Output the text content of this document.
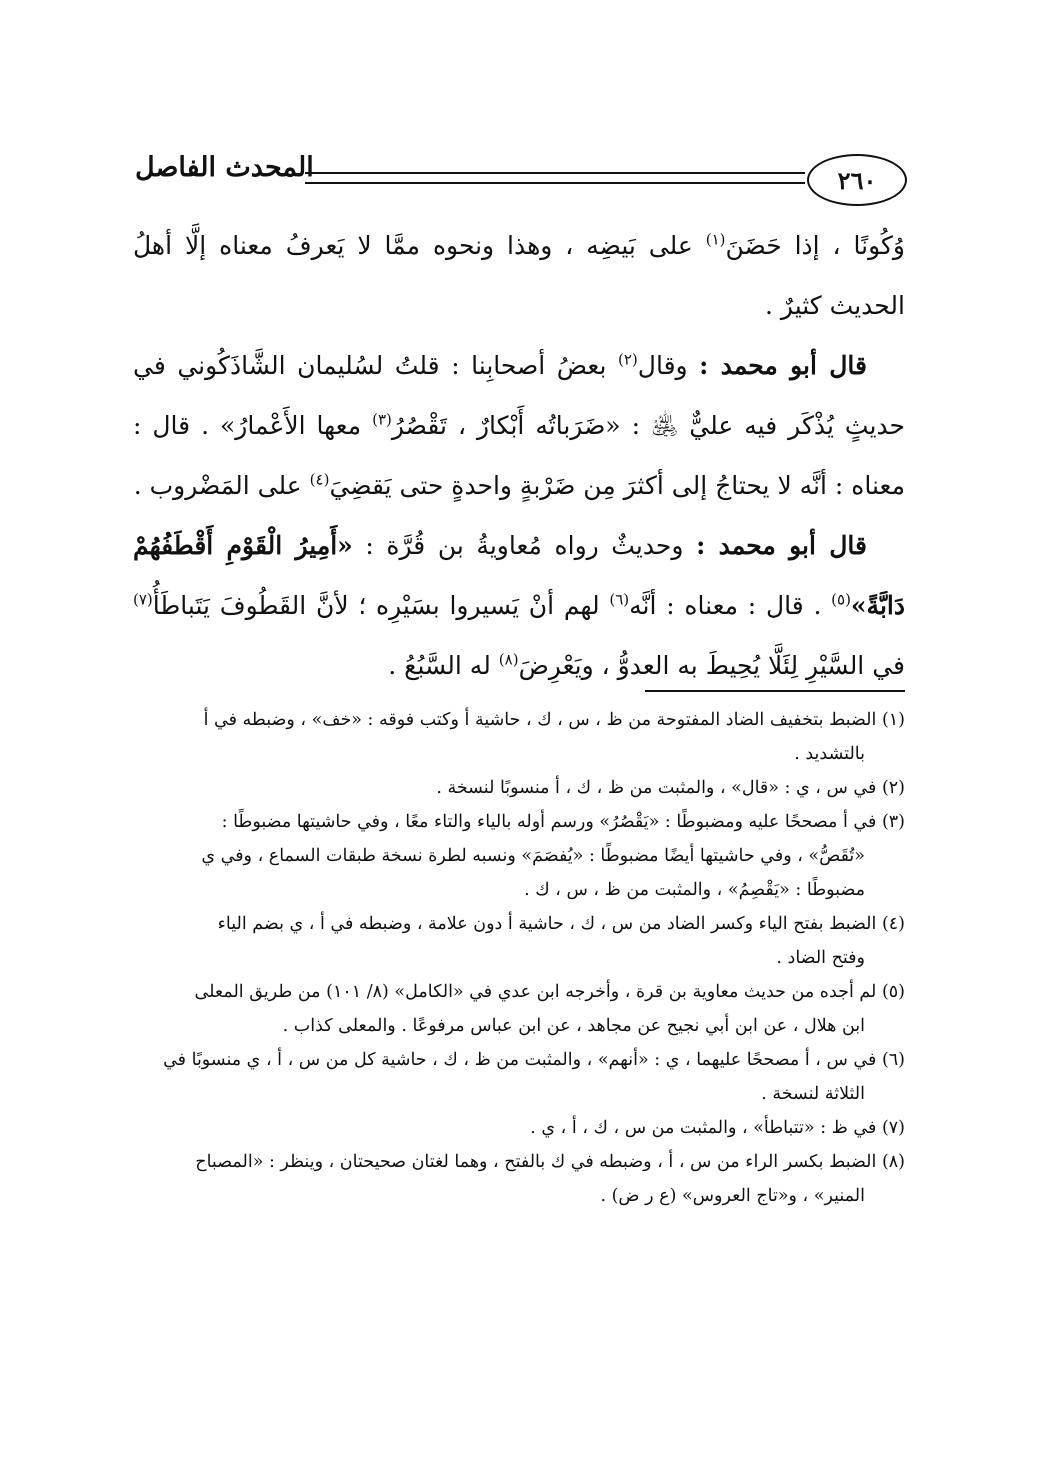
٢٦٠
المحدث الفاصل

وُكُونًا ، إذا حَضَنَ$^{(١)}$ على بَيضِه ، وهذا ونحوه ممَّا لا يَعرفُ معناه إلَّا أهلُ الحديث كثيرٌ .

قال أبو محمد : وقال$^{(٢)}$ بعضُ أصحابِنا : قلتُ لسُليمان الشَّاذَكُوني في حديثٍ يُذْكَر فيه عليٌّ ﵁ : «ضَرَباتُه أَبْكارٌ ، تَقْصُرُ$^{(٣)}$ معها الأَعْمارُ» . قال : معناه : أنَّه لا يحتاجُ إلى أكثرَ مِن ضَرْبةٍ واحدةٍ حتى يَقضِيَ$^{(٤)}$ على المَضْروب .

قال أبو محمد : وحديثٌ رواه مُعاويةُ بن قُرَّة : «أَمِيرُ الْقَوْمِ أَقْطَفُهُمْ دَابَّةً»$^{(٥)}$ . قال : معناه : أنَّه$^{(٦)}$ لهم أنْ يَسيروا بسَيْرِه ؛ لأنَّ القَطُوفَ يَتَباطَأُ$^{(٧)}$ في السَّيْرِ لِئَلَّا يُحِيطَ به العدوُّ ، ويَعْرِضَ$^{(٨)}$ له السَّبُعُ .

(١) الضبط بتخفيف الضاد المفتوحة من ظ ، س ، ك ، حاشية أ وكتب فوقه : «خف» ، وضبطه في أ

بالتشديد .

(٢) في س ، ي : «قال» ، والمثبت من ظ ، ك ، أ منسوبًا لنسخة .

(٣) في أ مصححًا عليه ومضبوطًا : «يَقْصُرُ» ورسم أوله بالياء والتاء معًا ، وفي حاشيتها مضبوطًا :

«تُقَصُّ» ، وفي حاشيتها أيضًا مضبوطًا : «يُفصَمَ» ونسبه لطرة نسخة طبقات السماع ، وفي ي

مضبوطًا : «يَقْصِمُ» ، والمثبت من ظ ، س ، ك .

(٤) الضبط بفتح الياء وكسر الضاد من س ، ك ، حاشية أ دون علامة ، وضبطه في أ ، ي بضم الياء

وفتح الضاد .

(٥) لم أجده من حديث معاوية بن قرة ، وأخرجه ابن عدي في «الكامل» (٨/ ١٠١) من طريق المعلى

ابن هلال ، عن ابن أبي نجيح عن مجاهد ، عن ابن عباس مرفوعًا . والمعلى كذاب .

(٦) في س ، أ مصححًا عليهما ، ي : «أنهم» ، والمثبت من ظ ، ك ، حاشية كل من س ، أ ، ي منسوبًا في

الثلاثة لنسخة .

(٧) في ظ : «تتباطأ» ، والمثبت من س ، ك ، أ ، ي .

(٨) الضبط بكسر الراء من س ، أ ، وضبطه في ك بالفتح ، وهما لغتان صحيحتان ، وينظر : «المصباح

المنير» ، و«تاج العروس» (ع ر ض) .
